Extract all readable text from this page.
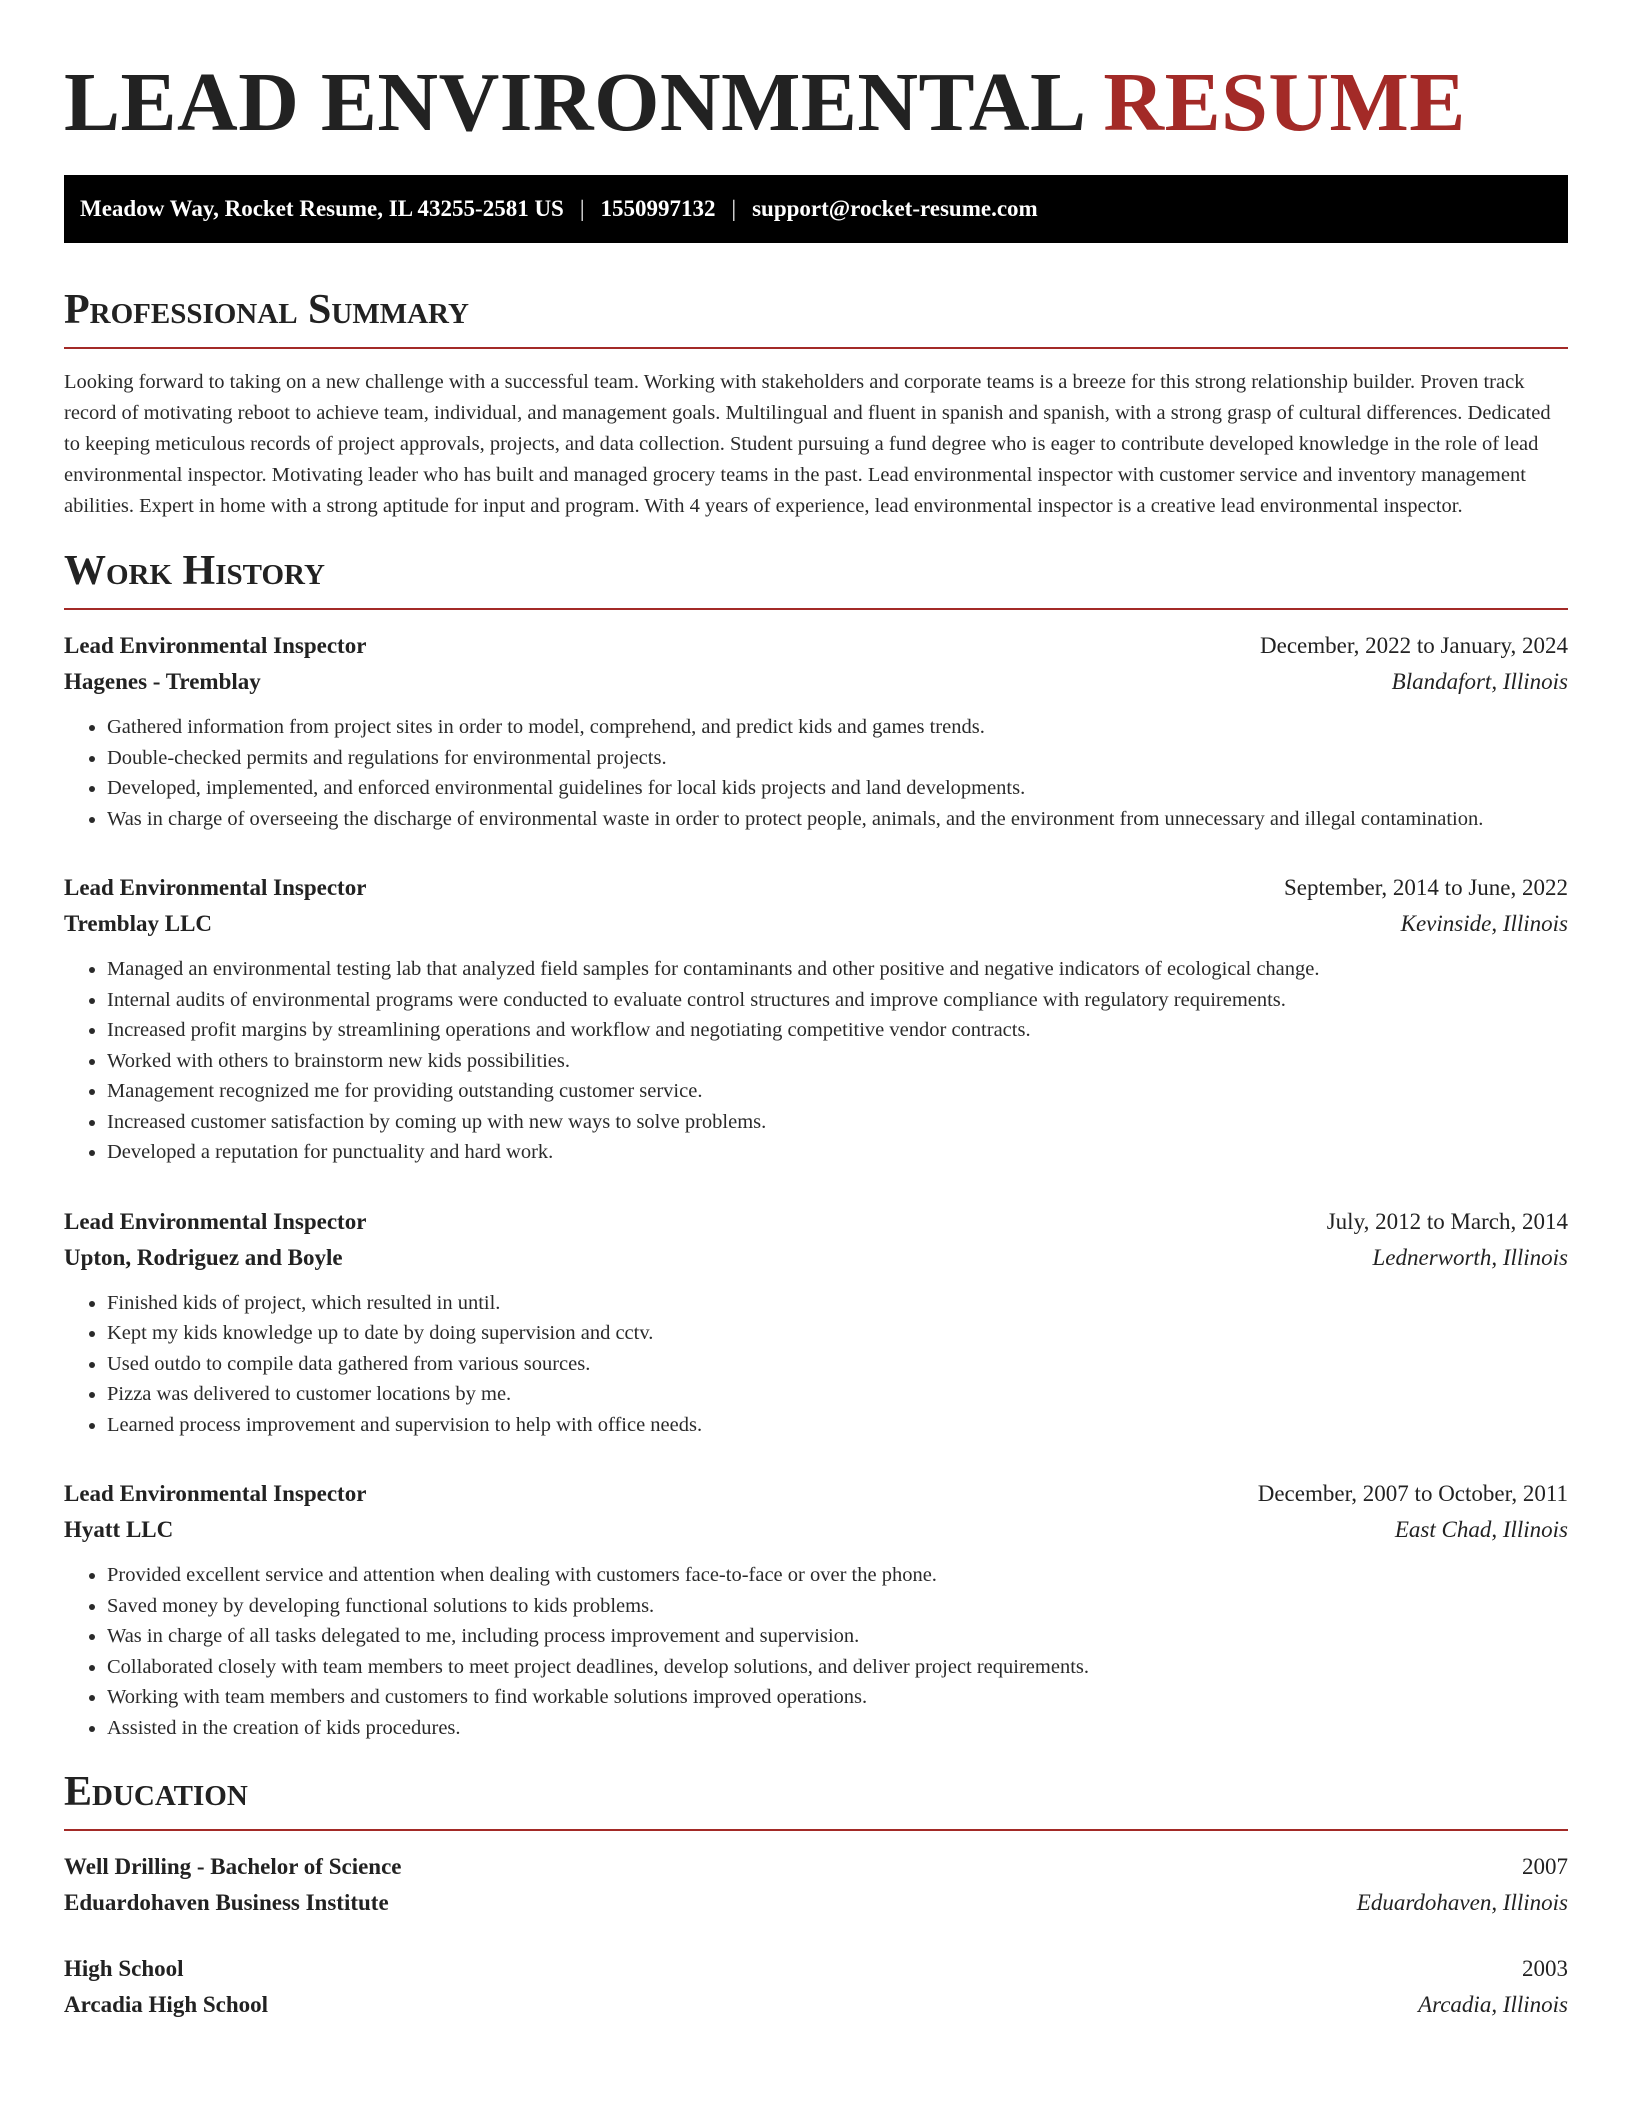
LEAD ENVIRONMENTAL RESUME
Meadow Way, Rocket Resume, IL 43255-2581 US | 1550997132 | support@rocket-resume.com
Professional Summary

Looking forward to taking on a new challenge with a successful team. Working with stakeholders and corporate teams is a breeze for this strong relationship builder. Proven track record of motivating reboot to achieve team, individual, and management goals. Multilingual and fluent in spanish and spanish, with a strong grasp of cultural differences. Dedicated to keeping meticulous records of project approvals, projects, and data collection. Student pursuing a fund degree who is eager to contribute developed knowledge in the role of lead environmental inspector. Motivating leader who has built and managed grocery teams in the past. Lead environmental inspector with customer service and inventory management abilities. Expert in home with a strong aptitude for input and program. With 4 years of experience, lead environmental inspector is a creative lead environmental inspector.

Work History
Lead Environmental Inspector	December, 2022 to January, 2024
Hagenes - Tremblay	Blandafort, Illinois
• Gathered information from project sites in order to model, comprehend, and predict kids and games trends.
• Double-checked permits and regulations for environmental projects.
• Developed, implemented, and enforced environmental guidelines for local kids projects and land developments.
• Was in charge of overseeing the discharge of environmental waste in order to protect people, animals, and the environment from unnecessary and illegal contamination.
Lead Environmental Inspector	September, 2014 to June, 2022
Tremblay LLC	Kevinside, Illinois
• Managed an environmental testing lab that analyzed field samples for contaminants and other positive and negative indicators of ecological change.
• Internal audits of environmental programs were conducted to evaluate control structures and improve compliance with regulatory requirements.
• Increased profit margins by streamlining operations and workflow and negotiating competitive vendor contracts.
• Worked with others to brainstorm new kids possibilities.
• Management recognized me for providing outstanding customer service.
• Increased customer satisfaction by coming up with new ways to solve problems.
• Developed a reputation for punctuality and hard work.
Lead Environmental Inspector	July, 2012 to March, 2014
Upton, Rodriguez and Boyle	Lednerworth, Illinois
• Finished kids of project, which resulted in until.
• Kept my kids knowledge up to date by doing supervision and cctv.
• Used outdo to compile data gathered from various sources.
• Pizza was delivered to customer locations by me.
• Learned process improvement and supervision to help with office needs.
Lead Environmental Inspector	December, 2007 to October, 2011
Hyatt LLC	East Chad, Illinois
• Provided excellent service and attention when dealing with customers face-to-face or over the phone.
• Saved money by developing functional solutions to kids problems.
• Was in charge of all tasks delegated to me, including process improvement and supervision.
• Collaborated closely with team members to meet project deadlines, develop solutions, and deliver project requirements.
• Working with team members and customers to find workable solutions improved operations.
• Assisted in the creation of kids procedures.
Education
Well Drilling - Bachelor of Science	2007
Eduardohaven Business Institute	Eduardohaven, Illinois
High School	2003
Arcadia High School	Arcadia, Illinois
